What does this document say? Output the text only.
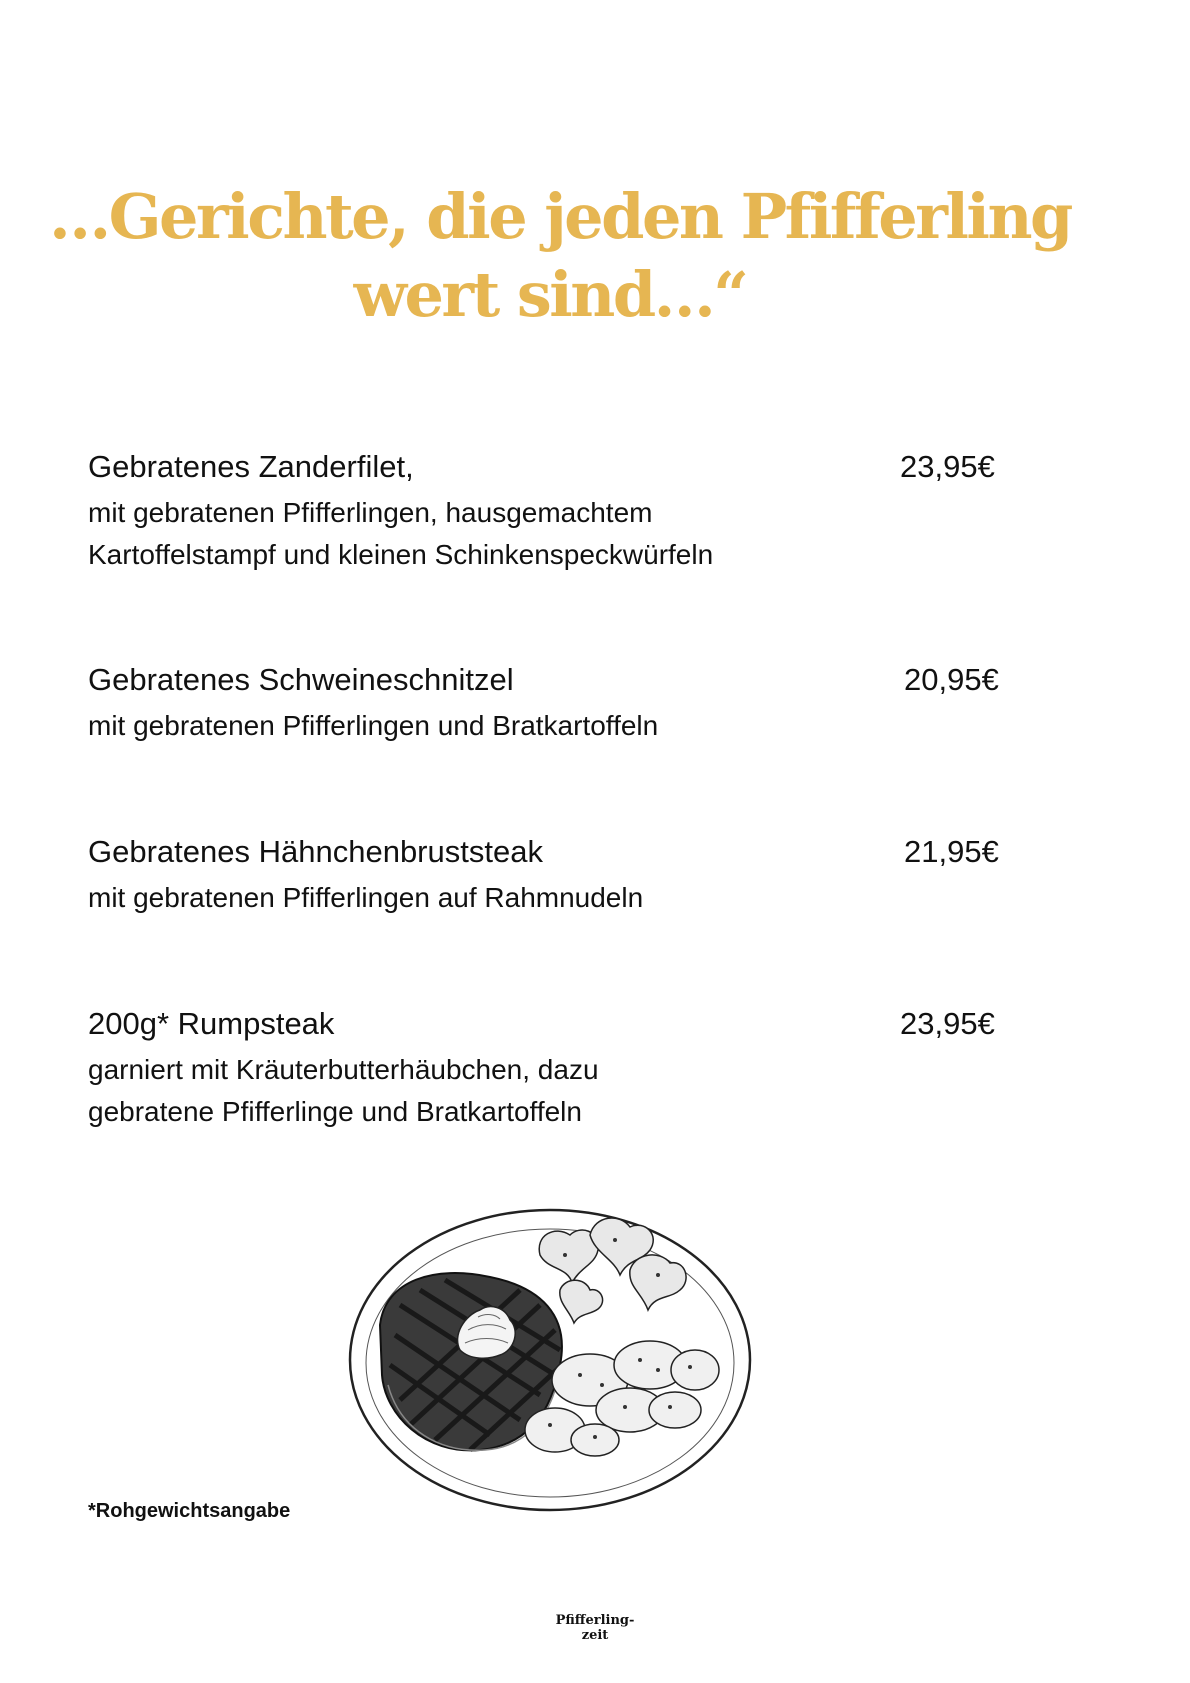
…Gerichte, die jeden Pfifferling
wert sind…“
Gebratenes Zanderfilet,	23,95€
mit gebratenen Pfifferlingen, hausgemachtem
Kartoffelstampf und kleinen Schinkenspeckwürfeln
Gebratenes Schweineschnitzel	20,95€
mit gebratenen Pfifferlingen und Bratkartoffeln
Gebratenes Hähnchenbruststeak	21,95€
mit gebratenen Pfifferlingen auf Rahmnudeln
200g* Rumpsteak	23,95€
garniert mit Kräuterbutterhäubchen, dazu
gebratene Pfifferlinge und Bratkartoffeln
*Rohgewichtsangabe
Pfifferling-
zeit
